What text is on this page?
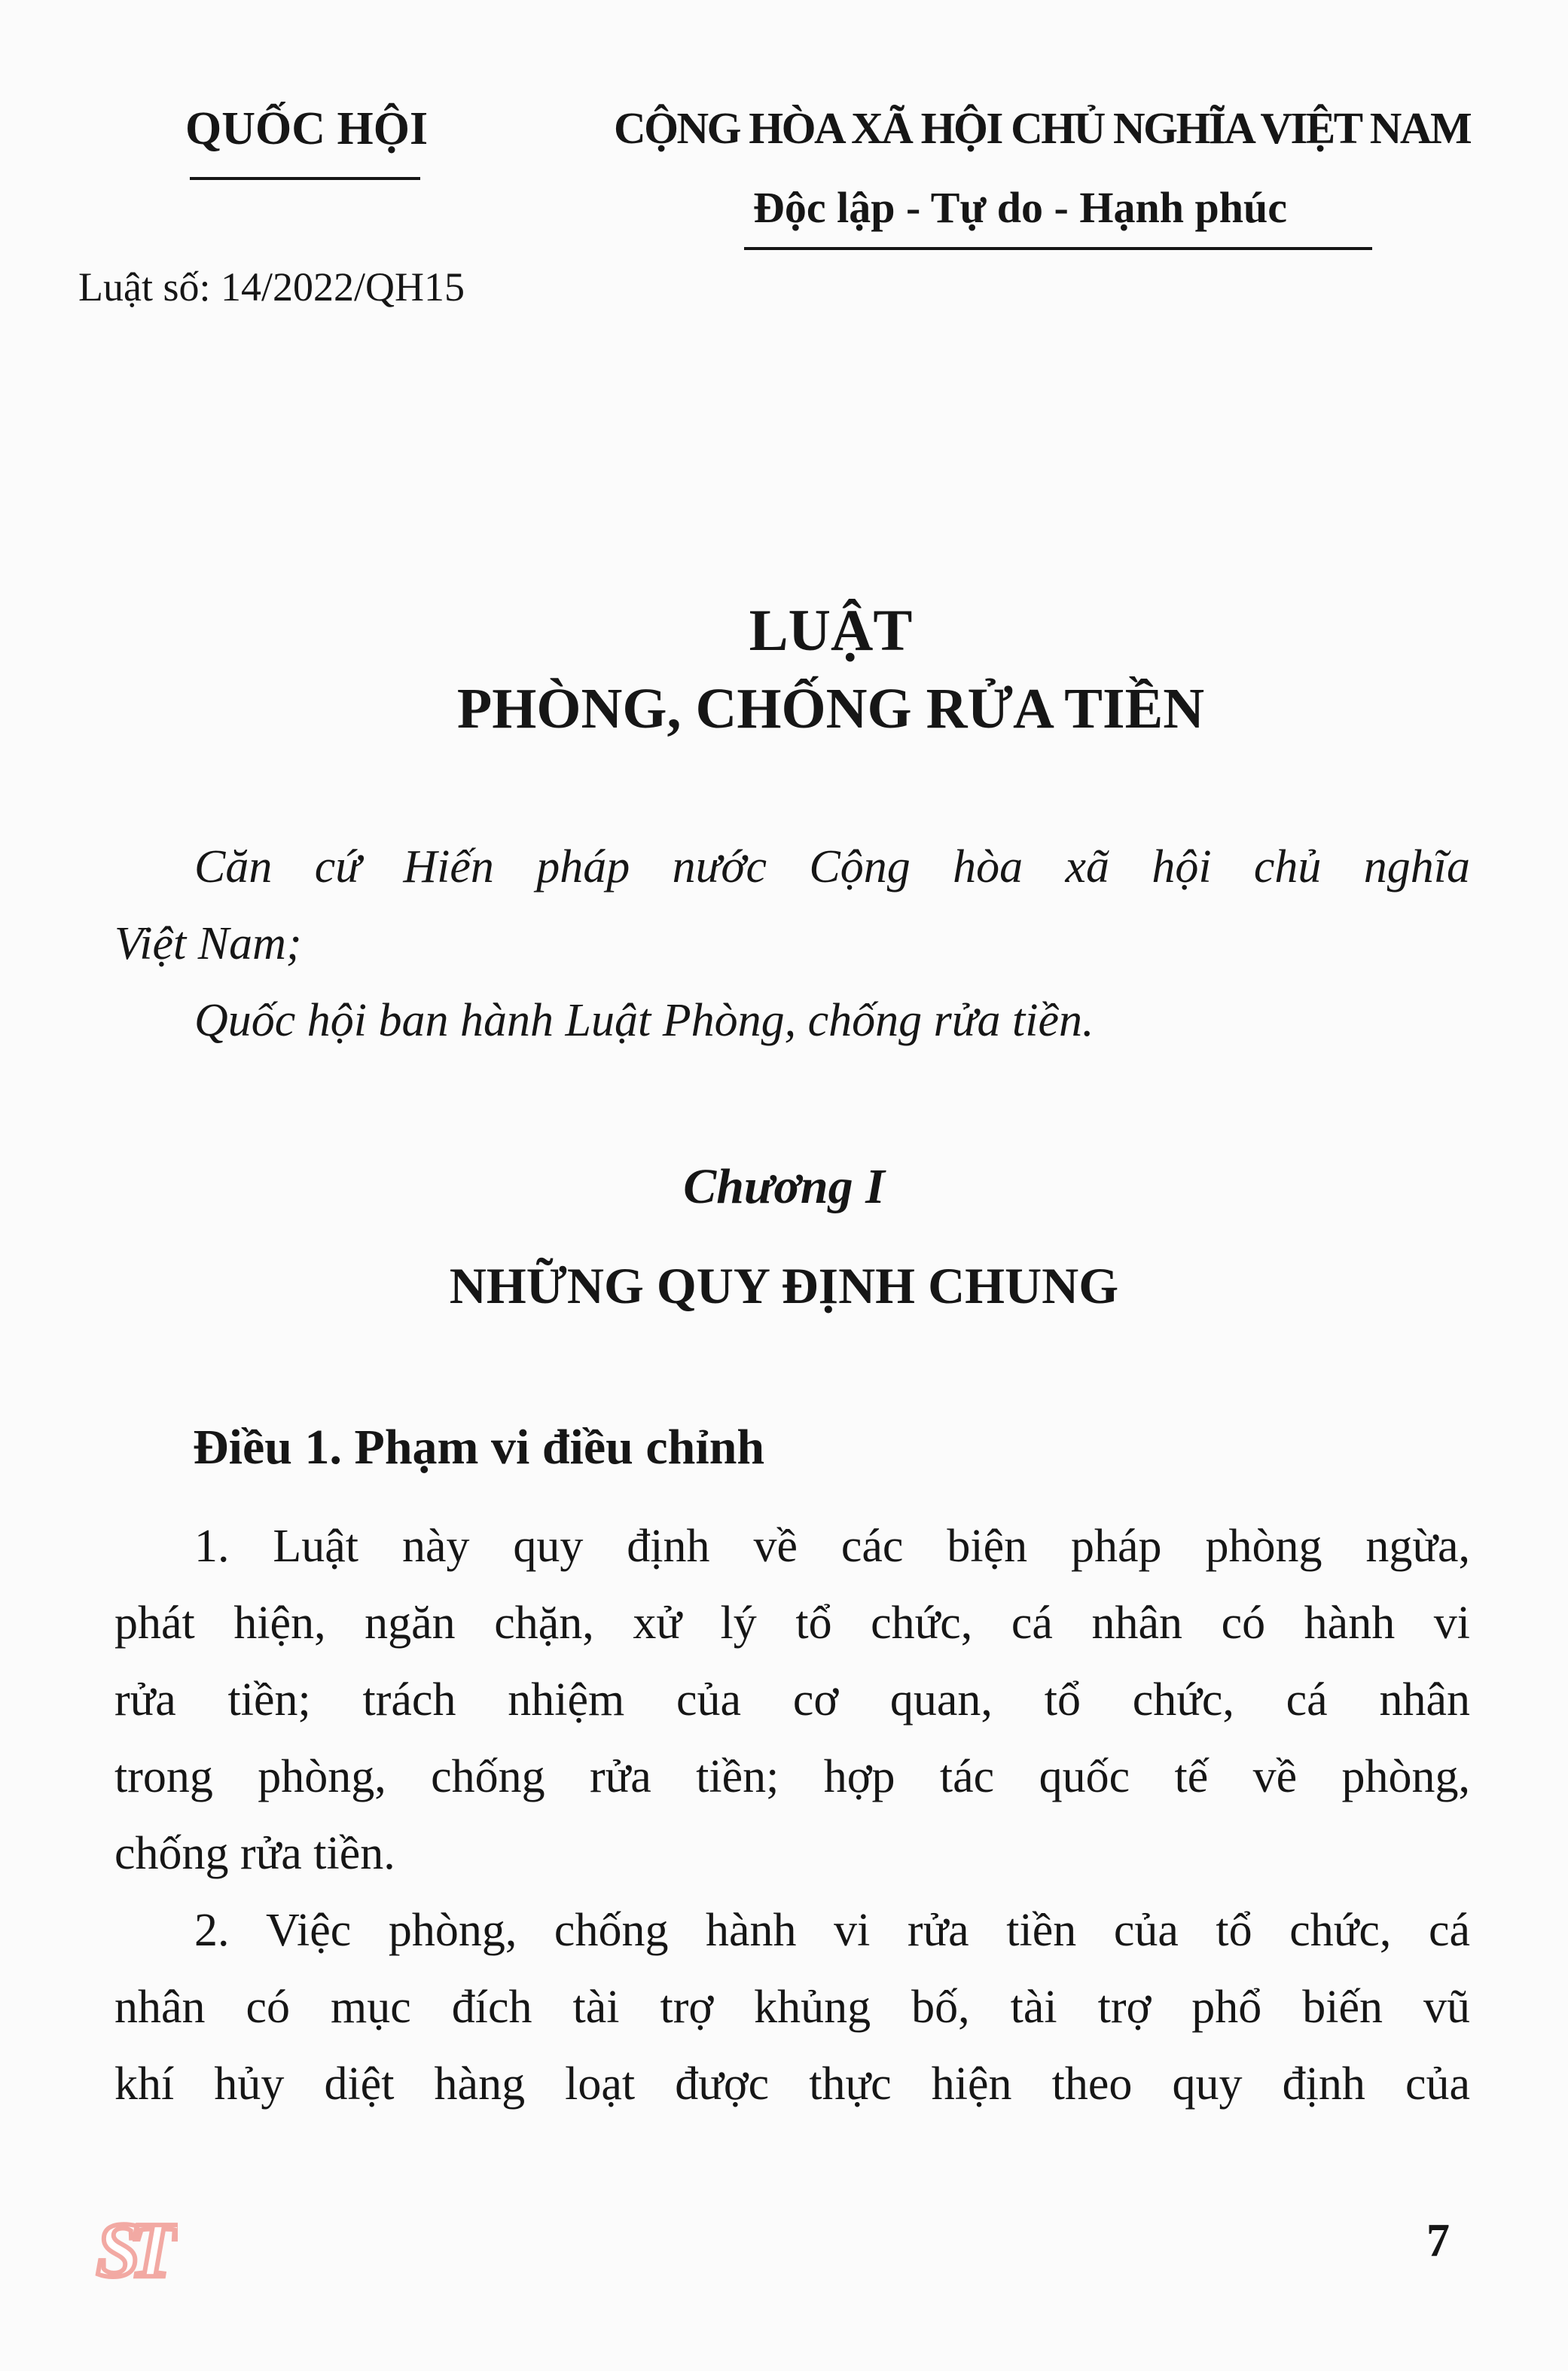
QUỐC HỘI	CỘNG HÒA XÃ HỘI CHỦ NGHĨA VIỆT NAM
Độc lập - Tự do - Hạnh phúc
Luật số: 14/2022/QH15
LUẬT
PHÒNG, CHỐNG RỬA TIỀN
Căn cứ Hiến pháp nước Cộng hòa xã hội chủ nghĩa
Việt Nam;
Quốc hội ban hành Luật Phòng, chống rửa tiền.
Chương I
NHỮNG QUY ĐỊNH CHUNG
Điều 1. Phạm vi điều chỉnh
1. Luật này quy định về các biện pháp phòng ngừa,
phát hiện, ngăn chặn, xử lý tổ chức, cá nhân có hành vi
rửa tiền; trách nhiệm của cơ quan, tổ chức, cá nhân
trong phòng, chống rửa tiền; hợp tác quốc tế về phòng,
chống rửa tiền.
2. Việc phòng, chống hành vi rửa tiền của tổ chức, cá
nhân có mục đích tài trợ khủng bố, tài trợ phổ biến vũ
khí hủy diệt hàng loạt được thực hiện theo quy định của
ST	7
